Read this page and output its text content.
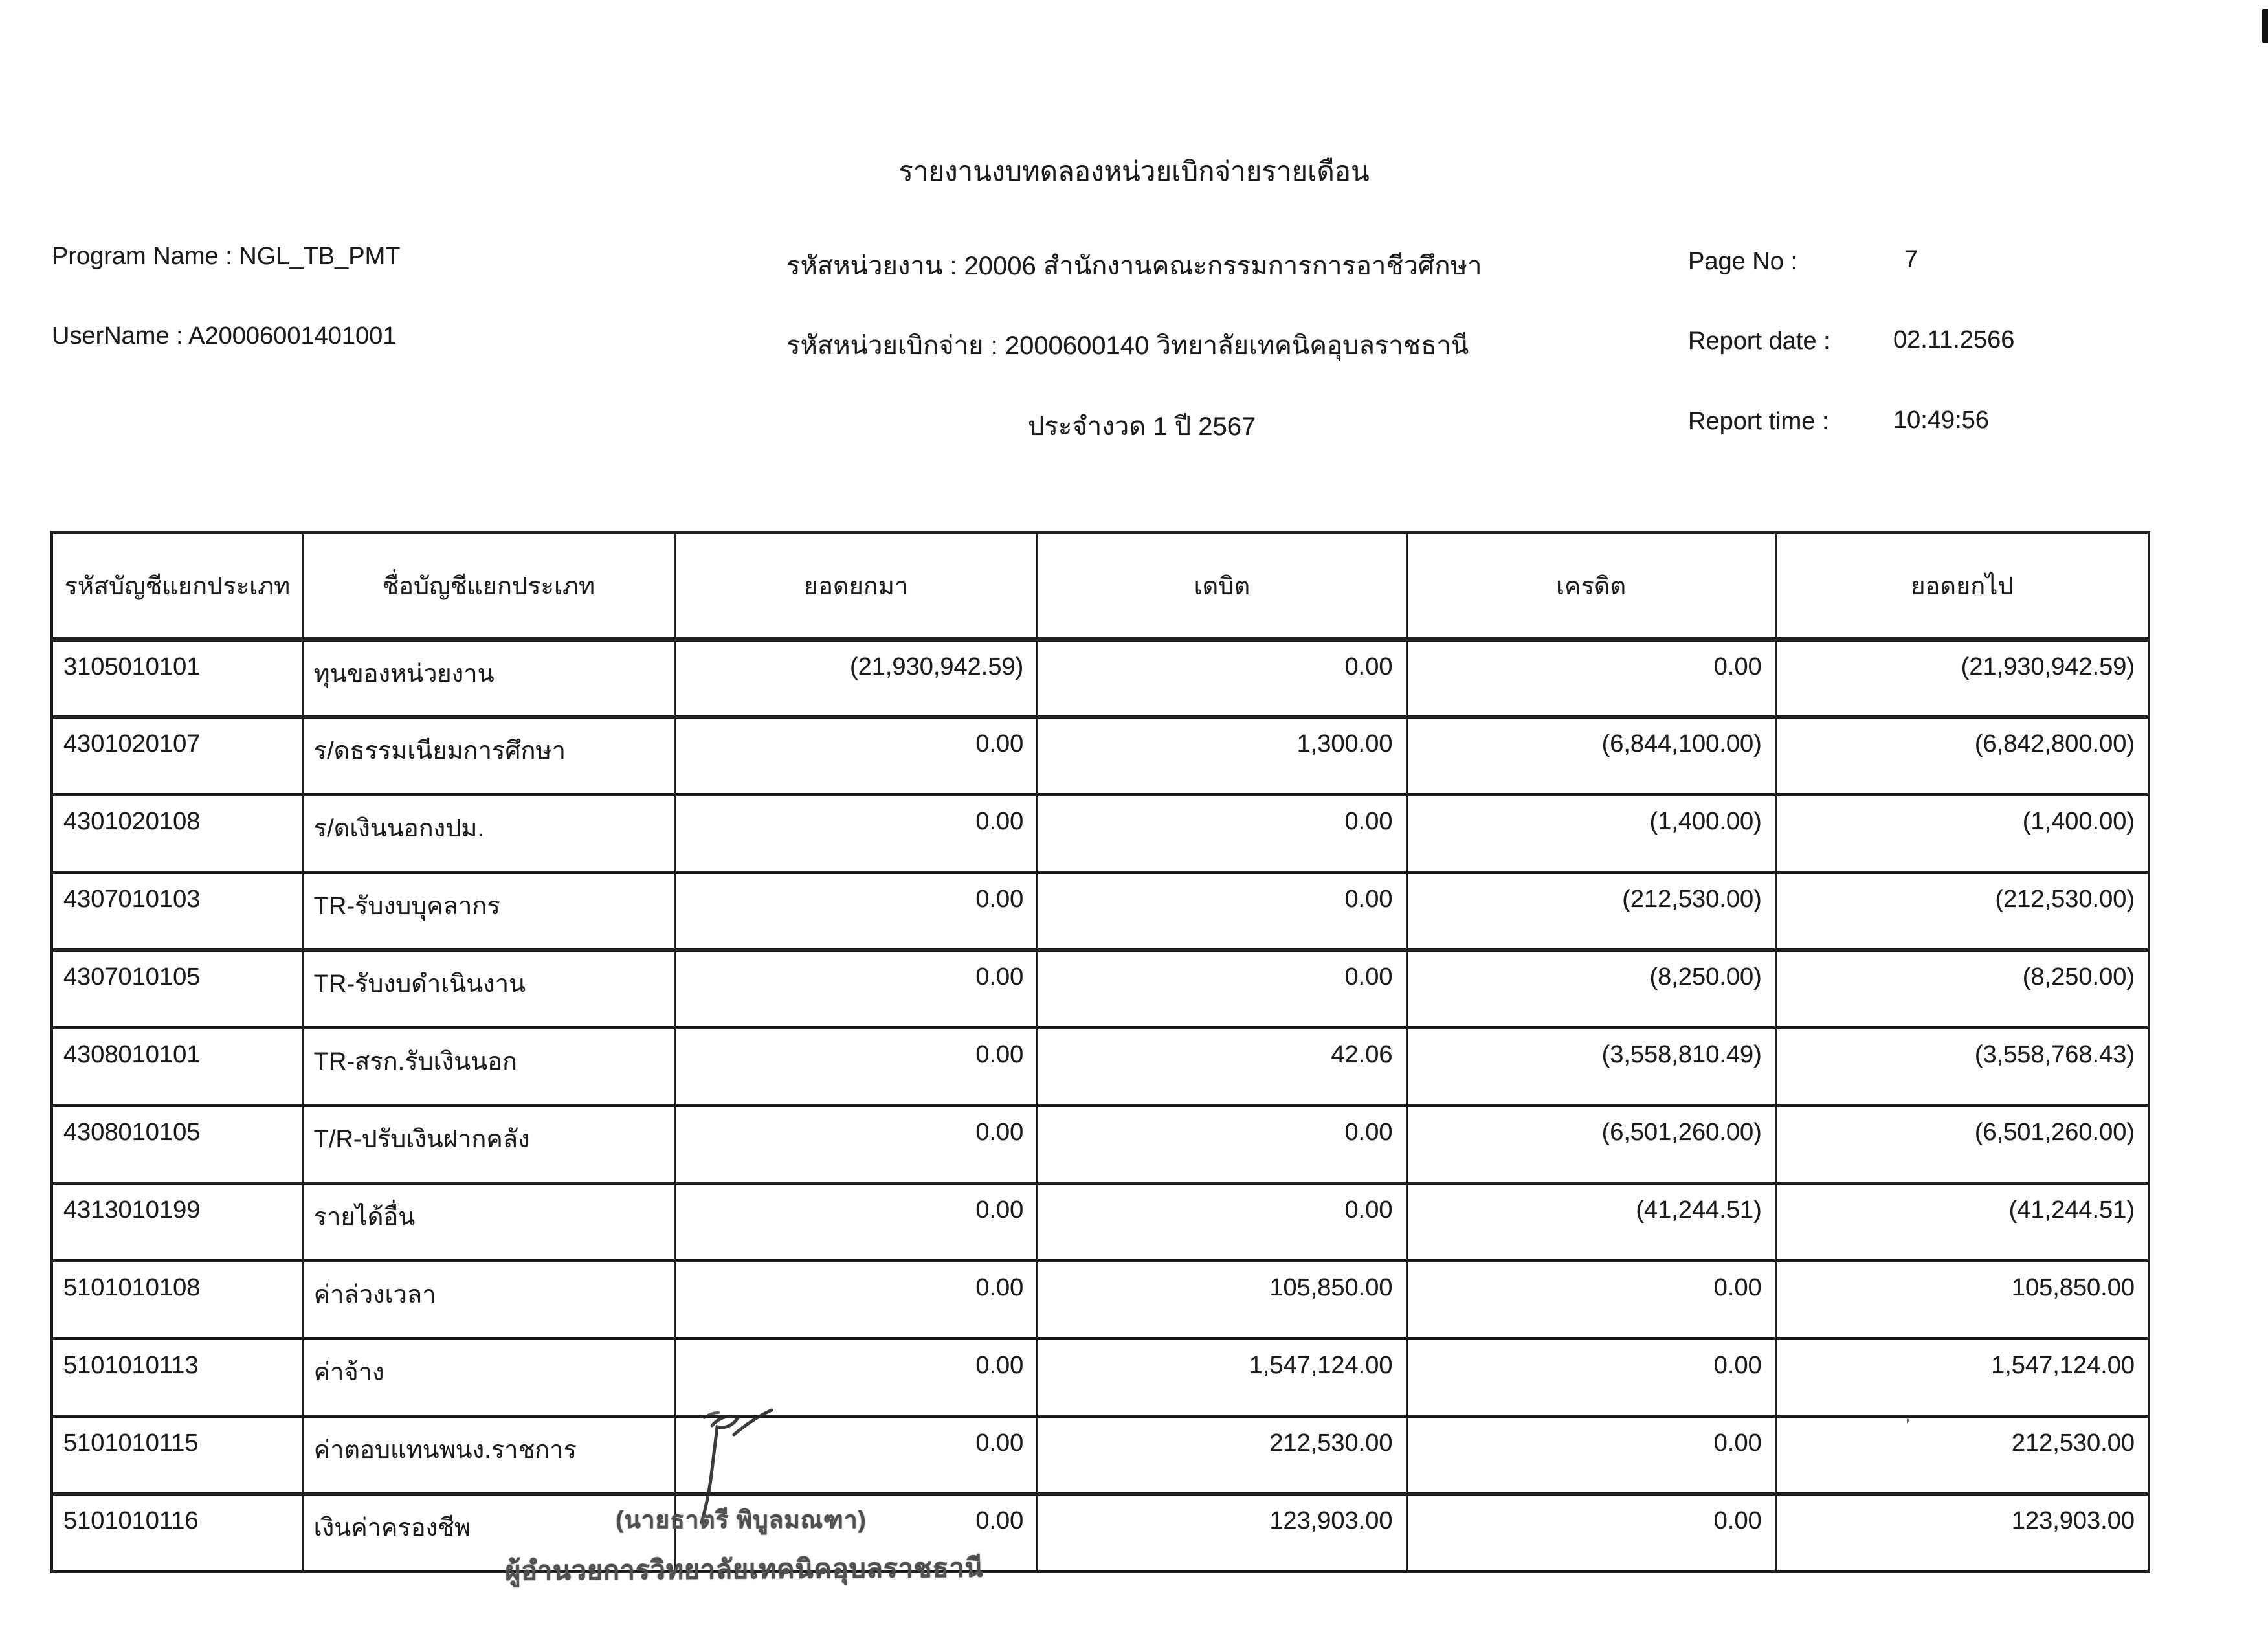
รายงานงบทดลองหน่วยเบิกจ่ายรายเดือน
Program Name : NGL_TB_PMT
UserName : A20006001401001
รหัสหน่วยงาน : 20006 สำนักงานคณะกรรมการการอาชีวศึกษา
รหัสหน่วยเบิกจ่าย : 2000600140 วิทยาลัยเทคนิคอุบลราชธานี
ประจำงวด 1 ปี 2567
Page No :	7
Report date :	02.11.2566
Report time :	10:49:56
รหัสบัญชีแยกประเภท	ชื่อบัญชีแยกประเภท	ยอดยกมา	เดบิต	เครดิต	ยอดยกไป
3105010101	ทุนของหน่วยงาน	(21,930,942.59)	0.00	0.00	(21,930,942.59)
4301020107	ร/ดธรรมเนียมการศึกษา	0.00	1,300.00	(6,844,100.00)	(6,842,800.00)
4301020108	ร/ดเงินนอกงปม.	0.00	0.00	(1,400.00)	(1,400.00)
4307010103	TR-รับงบบุคลากร	0.00	0.00	(212,530.00)	(212,530.00)
4307010105	TR-รับงบดำเนินงาน	0.00	0.00	(8,250.00)	(8,250.00)
4308010101	TR-สรก.รับเงินนอก	0.00	42.06	(3,558,810.49)	(3,558,768.43)
4308010105	T/R-ปรับเงินฝากคลัง	0.00	0.00	(6,501,260.00)	(6,501,260.00)
4313010199	รายได้อื่น	0.00	0.00	(41,244.51)	(41,244.51)
5101010108	ค่าล่วงเวลา	0.00	105,850.00	0.00	105,850.00
5101010113	ค่าจ้าง	0.00	1,547,124.00	0.00	1,547,124.00
5101010115	ค่าตอบแทนพนง.ราชการ	0.00	212,530.00	0.00	212,530.00
5101010116	เงินค่าครองชีพ	0.00	123,903.00	0.00	123,903.00
(นายธาตรี พิบูลมณฑา)
ผู้อำนวยการวิทยาลัยเทคนิคอุบลราชธานี
’
